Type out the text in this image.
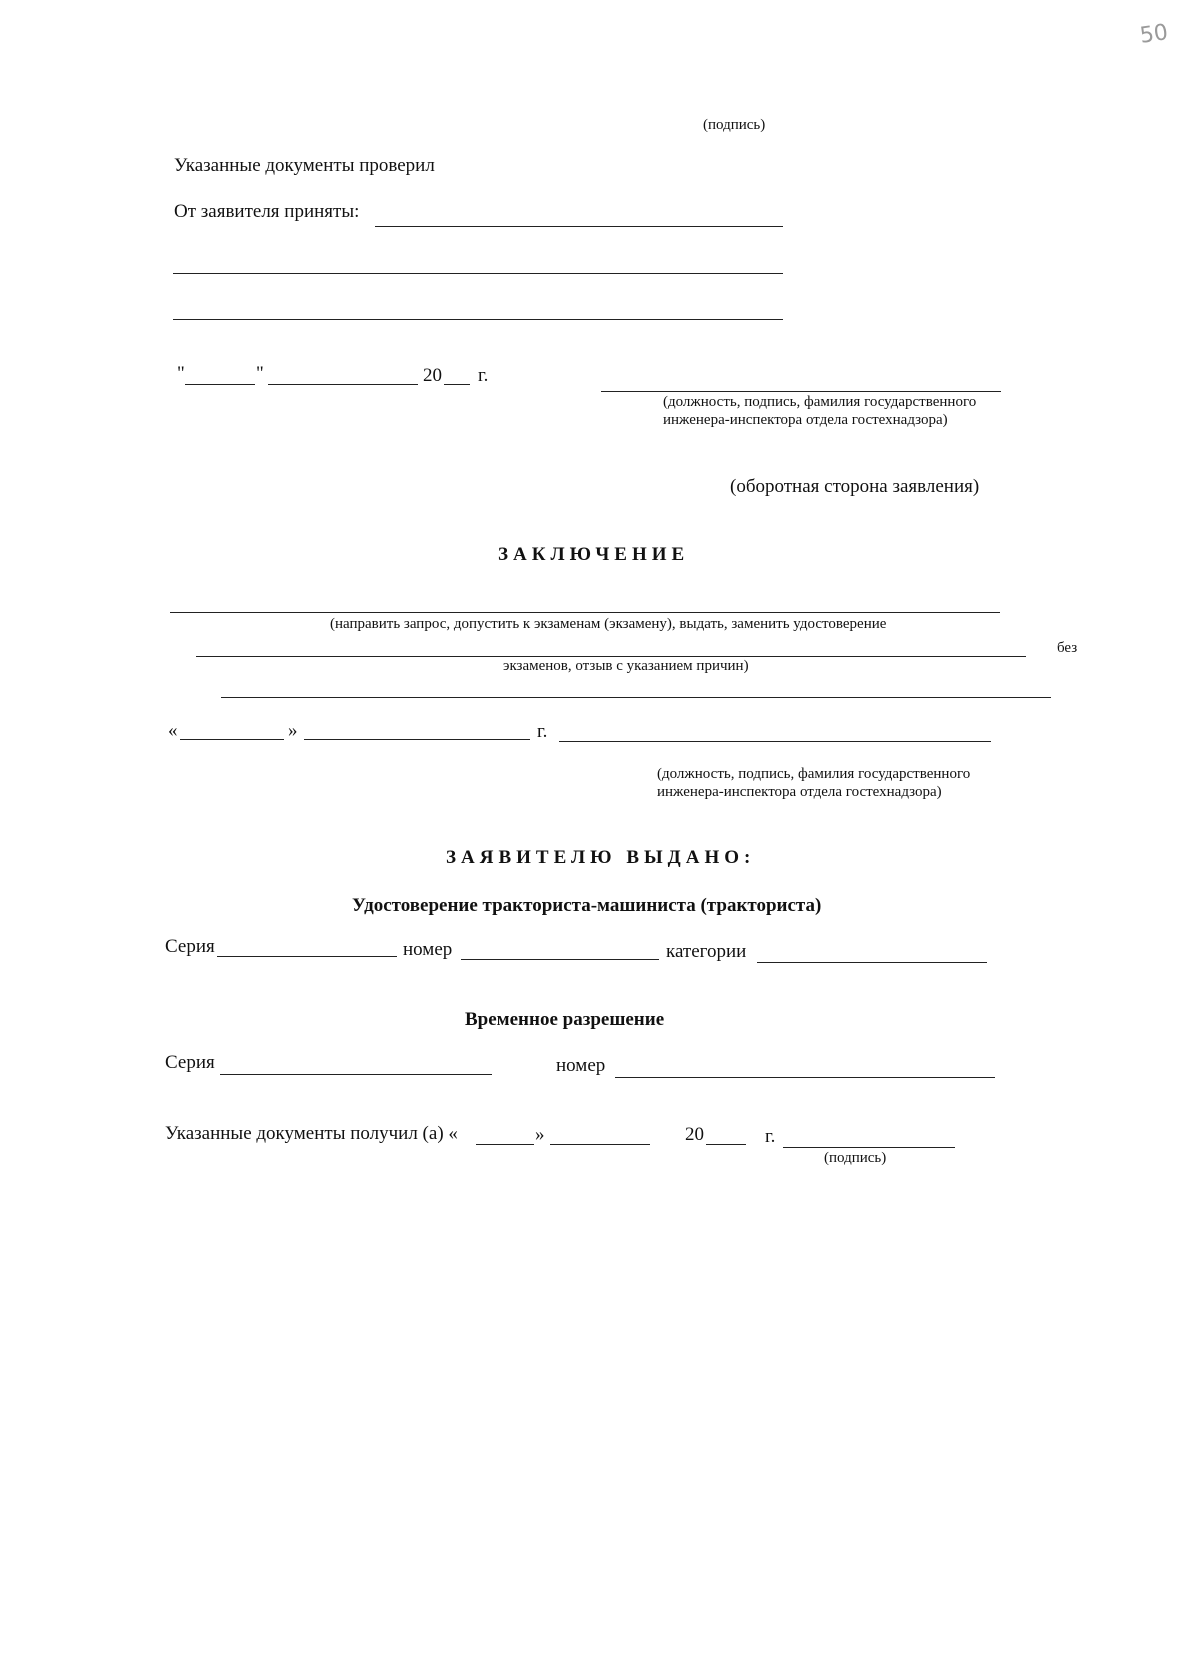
50
(подпись)
Указанные документы проверил
От заявителя приняты:
"	"	20 г.
(должность, подпись, фамилия государственного
инженера-инспектора отдела гостехнадзора)
(оборотная сторона заявления)
ЗАКЛЮЧЕНИЕ
(направить запрос, допустить к экзаменам (экзамену), выдать, заменить удостоверение
без
экзаменов, отзыв с указанием причин)
«	»	г.
(должность, подпись, фамилия государственного
инженера-инспектора отдела гостехнадзора)
ЗАЯВИТЕЛЮ ВЫДАНО:
Удостоверение тракториста-машиниста (тракториста)
Серия	номер	категории
Временное разрешение
Серия	номер
Указанные документы получил (а) «	»	20	г.
(подпись)
